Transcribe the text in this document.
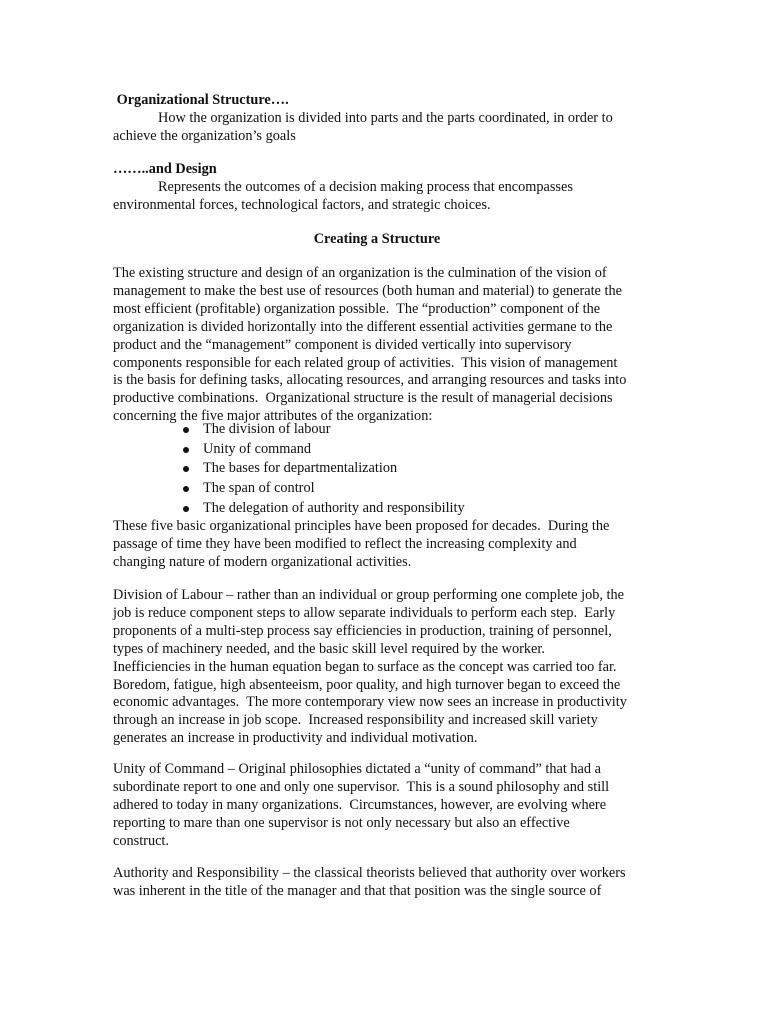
Organizational Structure….
How the organization is divided into parts and the parts coordinated, in order to
achieve the organization’s goals
……..and Design
Represents the outcomes of a decision making process that encompasses
environmental forces, technological factors, and strategic choices.
Creating a Structure
The existing structure and design of an organization is the culmination of the vision of
management to make the best use of resources (both human and material) to generate the
most efficient (profitable) organization possible.  The “production” component of the
organization is divided horizontally into the different essential activities germane to the
product and the “management” component is divided vertically into supervisory
components responsible for each related group of activities.  This vision of management
is the basis for defining tasks, allocating resources, and arranging resources and tasks into
productive combinations.  Organizational structure is the result of managerial decisions
concerning the five major attributes of the organization:
The division of labour
Unity of command
The bases for departmentalization
The span of control
The delegation of authority and responsibility
These five basic organizational principles have been proposed for decades.  During the
passage of time they have been modified to reflect the increasing complexity and
changing nature of modern organizational activities.
Division of Labour – rather than an individual or group performing one complete job, the
job is reduce component steps to allow separate individuals to perform each step.  Early
proponents of a multi-step process say efficiencies in production, training of personnel,
types of machinery needed, and the basic skill level required by the worker.
Inefficiencies in the human equation began to surface as the concept was carried too far.
Boredom, fatigue, high absenteeism, poor quality, and high turnover began to exceed the
economic advantages.  The more contemporary view now sees an increase in productivity
through an increase in job scope.  Increased responsibility and increased skill variety
generates an increase in productivity and individual motivation.
Unity of Command – Original philosophies dictated a “unity of command” that had a
subordinate report to one and only one supervisor.  This is a sound philosophy and still
adhered to today in many organizations.  Circumstances, however, are evolving where
reporting to mare than one supervisor is not only necessary but also an effective
construct.
Authority and Responsibility – the classical theorists believed that authority over workers
was inherent in the title of the manager and that that position was the single source of
